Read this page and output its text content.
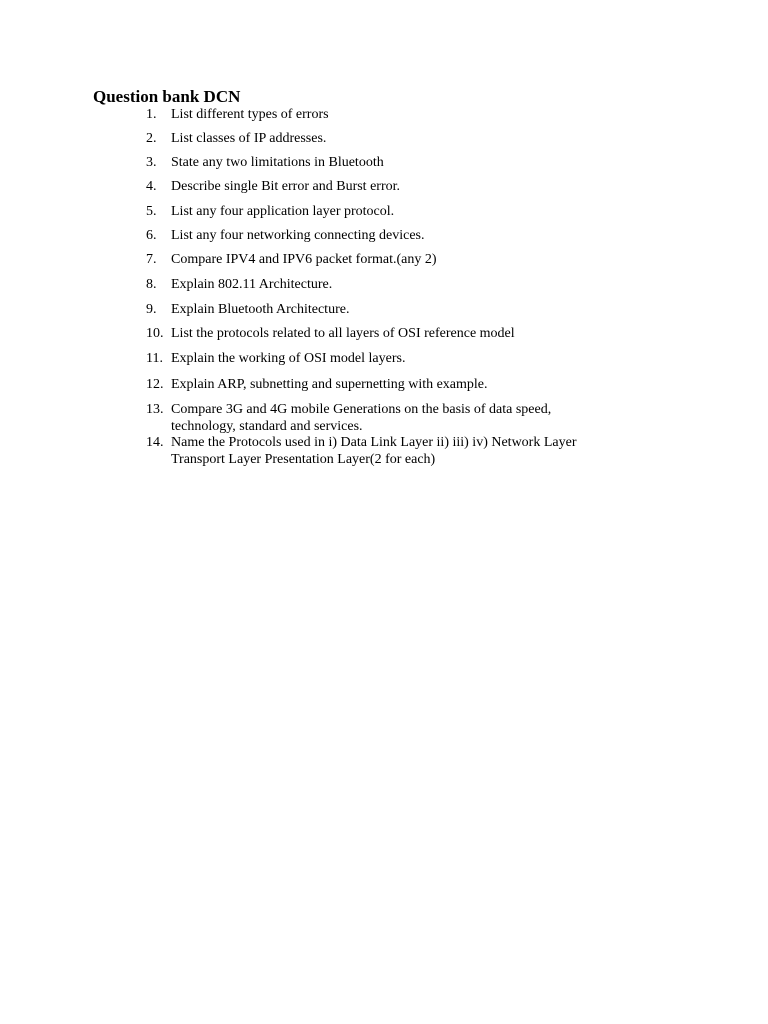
Question bank DCN
1.	List different types of errors
2.	List classes of IP addresses.
3.	State any two limitations in Bluetooth
4.	Describe single Bit error and Burst error.
5.	List any four application layer protocol.
6.	List any four networking connecting devices.
7.	Compare IPV4 and IPV6 packet format.(any 2)
8.	Explain 802.11 Architecture.
9.	Explain Bluetooth Architecture.
10. List the protocols related to all layers of OSI reference model
11. Explain the working of OSI model layers.
12. Explain ARP, subnetting and supernetting with example.
13. Compare 3G and 4G mobile Generations on the basis of data speed, technology, standard and services.
14. Name the Protocols used in i) Data Link Layer ii) iii) iv) Network Layer Transport Layer Presentation Layer(2 for each)
